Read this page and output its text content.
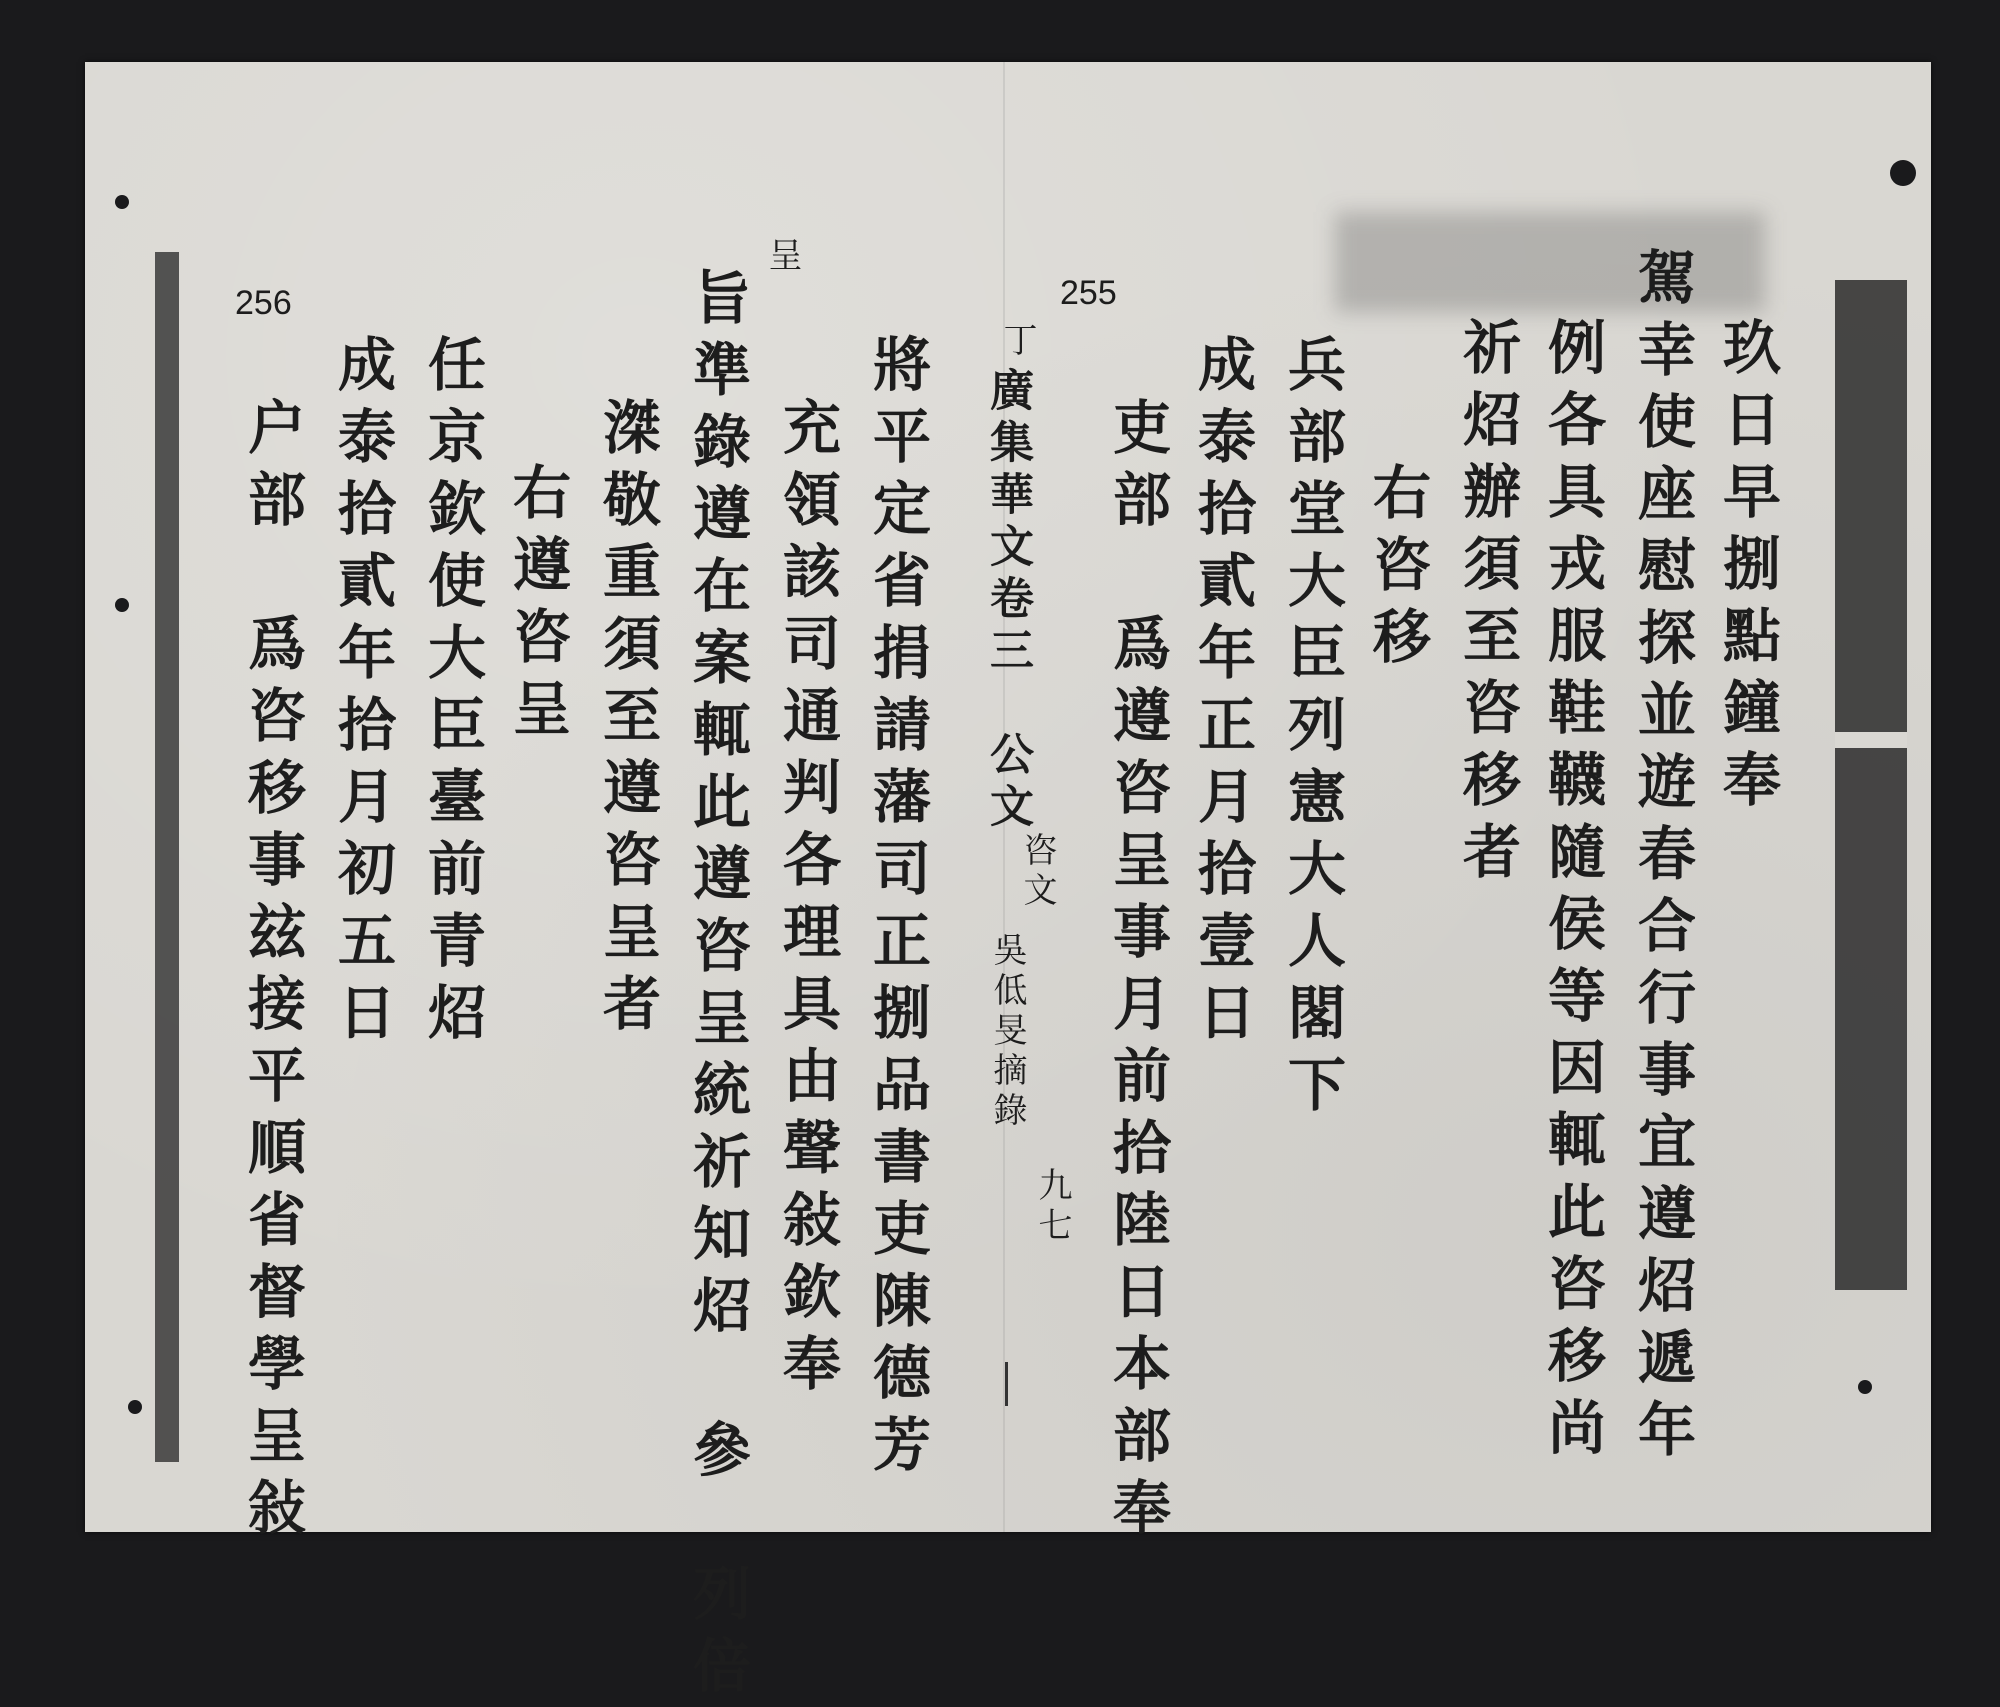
玖日早捌點鐘奉
駕幸使座慰探並遊春合行事宜遵炤遞年
例各具戎服鞋韈隨侯等因輒此咨移尚
祈炤辦須至咨移者
右咨移
兵部堂大臣列憲大人閣下
成泰拾貳年正月拾壹日
吏部　爲遵咨呈事月前拾陸日本部奉
255
丁
廣集華文卷三　公文
咨文
吳低旻摘錄
九七
將平定省捐請藩司正捌品書吏陳德芳
充領該司通判各理具由聲敍欽奉
旨準錄遵在案輒此遵咨呈統祈知炤　參　列倍
呈
滐敬重須至遵咨呈者
右遵咨呈
任京欽使大臣臺前青炤
成泰拾貳年拾月初五日
户部　爲咨移事玆接平順省督學呈敍
256
